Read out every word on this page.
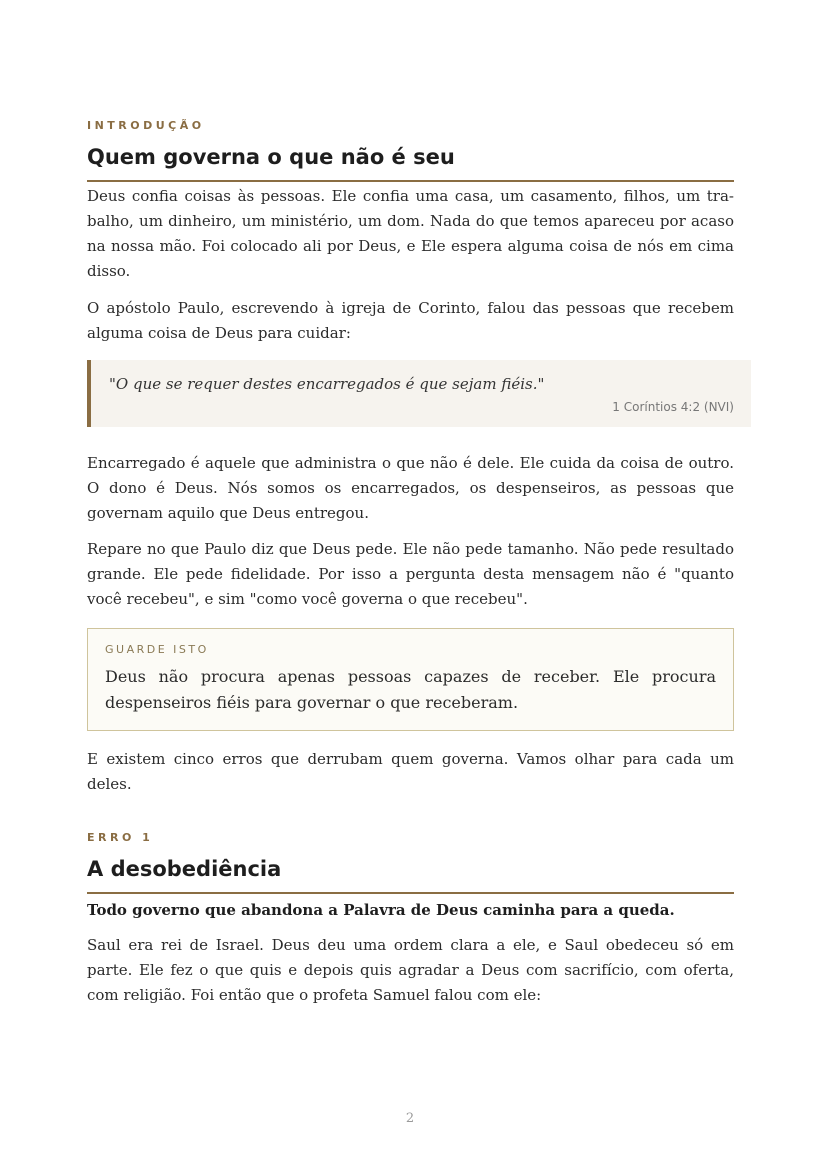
INTRODUÇÃO

Quem governa o que não é seu

Deus confia coisas às pessoas. Ele confia uma casa, um casamento, filhos, um trabalho, um dinheiro, um ministério, um dom. Nada do que temos apareceu por acaso na nossa mão. Foi colocado ali por Deus, e Ele espera alguma coisa de nós em cima disso.

O apóstolo Paulo, escrevendo à igreja de Corinto, falou das pessoas que recebem alguma coisa de Deus para cuidar:

"O que se requer destes encarregados é que sejam fiéis."

1 Coríntios 4:2 (NVI)

Encarregado é aquele que administra o que não é dele. Ele cuida da coisa de outro. O dono é Deus. Nós somos os encarregados, os despenseiros, as pessoas que governam aquilo que Deus entregou.

Repare no que Paulo diz que Deus pede. Ele não pede tamanho. Não pede resultado grande. Ele pede fidelidade. Por isso a pergunta desta mensagem não é "quanto você recebeu", e sim "como você governa o que recebeu".

GUARDE ISTO

Deus não procura apenas pessoas capazes de receber. Ele procura despenseiros fiéis para governar o que receberam.

E existem cinco erros que derrubam quem governa. Vamos olhar para cada um deles.

ERRO 1

A desobediência

Todo governo que abandona a Palavra de Deus caminha para a queda.

Saul era rei de Israel. Deus deu uma ordem clara a ele, e Saul obedeceu só em parte. Ele fez o que quis e depois quis agradar a Deus com sacrifício, com oferta, com religião. Foi então que o profeta Samuel falou com ele:

2
